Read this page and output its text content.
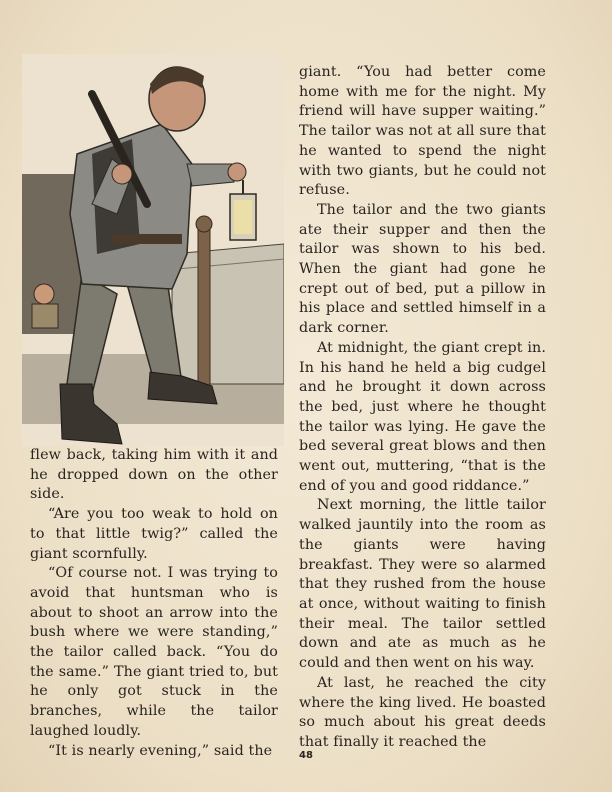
flew back, taking him with it and he dropped down on the other side.

“Are you too weak to hold on to that little twig?” called the giant scornfully.

“Of course not. I was trying to avoid that huntsman who is about to shoot an arrow into the bush where we were standing,” the tailor called back. “You do the same.” The giant tried to, but he only got stuck in the branches, while the tailor laughed loudly.

“It is nearly evening,” said the

giant. “You had better come home with me for the night. My friend will have supper waiting.” The tailor was not at all sure that he wanted to spend the night with two giants, but he could not refuse.

The tailor and the two giants ate their supper and then the tailor was shown to his bed. When the giant had gone he crept out of bed, put a pillow in his place and settled himself in a dark corner.

At midnight, the giant crept in. In his hand he held a big cudgel and he brought it down across the bed, just where he thought the tailor was lying. He gave the bed several great blows and then went out, muttering, “that is the end of you and good riddance.”

Next morning, the little tailor walked jauntily into the room as the giants were having breakfast. They were so alarmed that they rushed from the house at once, without waiting to finish their meal. The tailor settled down and ate as much as he could and then went on his way.

At last, he reached the city where the king lived. He boasted so much about his great deeds that finally it reached the

48
